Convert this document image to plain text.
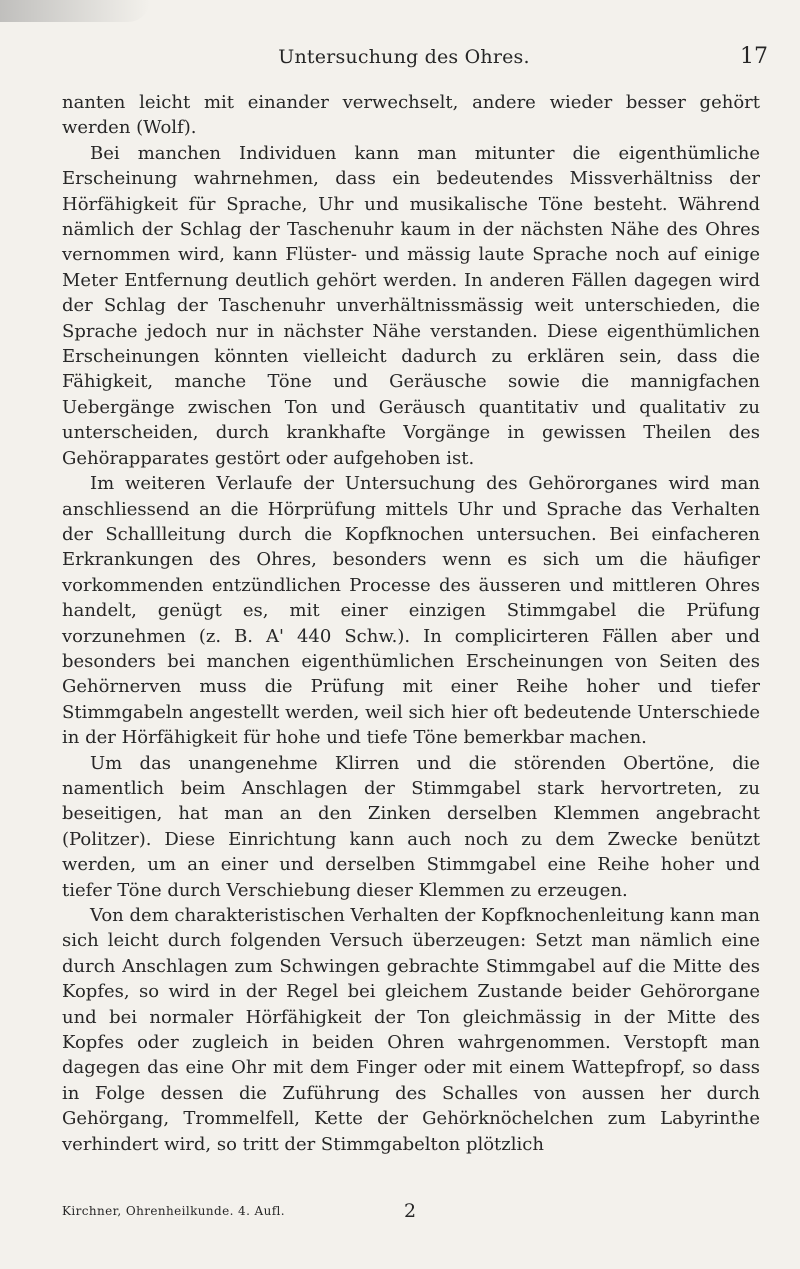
Untersuchung des Ohres.	17

nanten leicht mit einander verwechselt, andere wieder besser gehört werden (Wolf).

Bei manchen Individuen kann man mitunter die eigenthümliche Erscheinung wahrnehmen, dass ein bedeutendes Missverhältniss der Hörfähigkeit für Sprache, Uhr und musikalische Töne besteht. Während nämlich der Schlag der Taschenuhr kaum in der nächsten Nähe des Ohres vernommen wird, kann Flüster- und mässig laute Sprache noch auf einige Meter Entfernung deutlich gehört werden. In anderen Fällen dagegen wird der Schlag der Taschenuhr unverhältnissmässig weit unterschieden, die Sprache jedoch nur in nächster Nähe verstanden. Diese eigenthümlichen Erscheinungen könnten vielleicht dadurch zu erklären sein, dass die Fähigkeit, manche Töne und Geräusche sowie die mannigfachen Uebergänge zwischen Ton und Geräusch quantitativ und qualitativ zu unterscheiden, durch krankhafte Vorgänge in gewissen Theilen des Gehörapparates gestört oder aufgehoben ist.

Im weiteren Verlaufe der Untersuchung des Gehörorganes wird man anschliessend an die Hörprüfung mittels Uhr und Sprache das Verhalten der Schallleitung durch die Kopfknochen untersuchen. Bei einfacheren Erkrankungen des Ohres, besonders wenn es sich um die häufiger vorkommenden entzündlichen Processe des äusseren und mittleren Ohres handelt, genügt es, mit einer einzigen Stimmgabel die Prüfung vorzunehmen (z. B. A' 440 Schw.). In complicirteren Fällen aber und besonders bei manchen eigenthümlichen Erscheinungen von Seiten des Gehörnerven muss die Prüfung mit einer Reihe hoher und tiefer Stimmgabeln angestellt werden, weil sich hier oft bedeutende Unterschiede in der Hörfähigkeit für hohe und tiefe Töne bemerkbar machen.

Um das unangenehme Klirren und die störenden Obertöne, die namentlich beim Anschlagen der Stimmgabel stark hervortreten, zu beseitigen, hat man an den Zinken derselben Klemmen angebracht (Politzer). Diese Einrichtung kann auch noch zu dem Zwecke benützt werden, um an einer und derselben Stimmgabel eine Reihe hoher und tiefer Töne durch Verschiebung dieser Klemmen zu erzeugen.

Von dem charakteristischen Verhalten der Kopfknochenleitung kann man sich leicht durch folgenden Versuch überzeugen: Setzt man nämlich eine durch Anschlagen zum Schwingen gebrachte Stimmgabel auf die Mitte des Kopfes, so wird in der Regel bei gleichem Zustande beider Gehörorgane und bei normaler Hörfähigkeit der Ton gleichmässig in der Mitte des Kopfes oder zugleich in beiden Ohren wahrgenommen. Verstopft man dagegen das eine Ohr mit dem Finger oder mit einem Wattepfropf, so dass in Folge dessen die Zuführung des Schalles von aussen her durch Gehörgang, Trommelfell, Kette der Gehörknöchelchen zum Labyrinthe verhindert wird, so tritt der Stimmgabelton plötzlich

Kirchner, Ohrenheilkunde. 4. Aufl.	2
